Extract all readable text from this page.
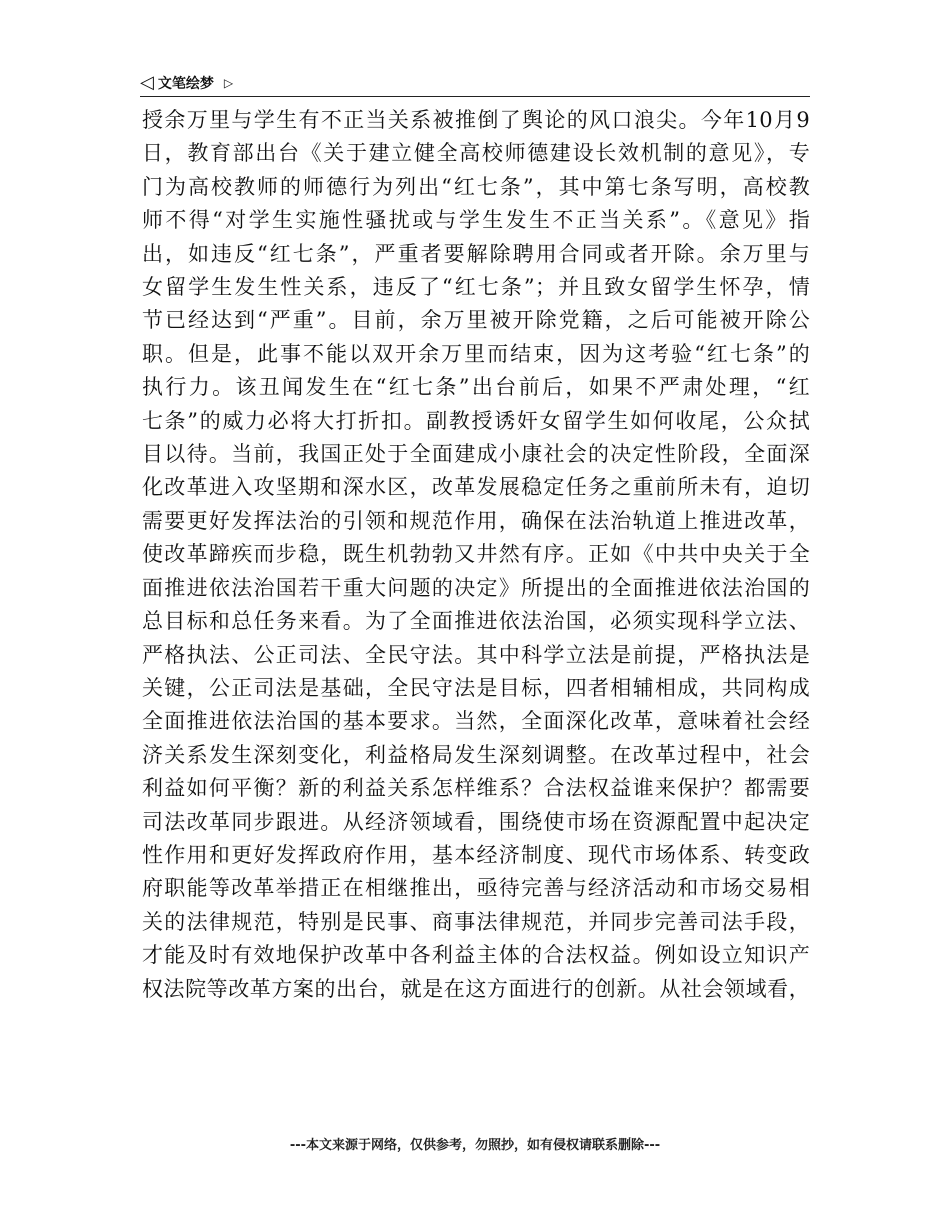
◁ 文笔绘梦 ▷
授余万里与学生有不正当关系被推倒了舆论的风口浪尖。今年10月9
日，教育部出台《关于建立健全高校师德建设长效机制的意见》，专
门为高校教师的师德行为列出“红七条”，其中第七条写明，高校教
师不得“对学生实施性骚扰或与学生发生不正当关系”。《意见》指
出，如违反“红七条”，严重者要解除聘用合同或者开除。余万里与
女留学生发生性关系，违反了“红七条”；并且致女留学生怀孕，情
节已经达到“严重”。目前，余万里被开除党籍，之后可能被开除公
职。但是，此事不能以双开余万里而结束，因为这考验“红七条”的
执行力。该丑闻发生在“红七条”出台前后，如果不严肃处理，“红
七条”的威力必将大打折扣。副教授诱奸女留学生如何收尾，公众拭
目以待。当前，我国正处于全面建成小康社会的决定性阶段，全面深
化改革进入攻坚期和深水区，改革发展稳定任务之重前所未有，迫切
需要更好发挥法治的引领和规范作用，确保在法治轨道上推进改革，
使改革蹄疾而步稳，既生机勃勃又井然有序。正如《中共中央关于全
面推进依法治国若干重大问题的决定》所提出的全面推进依法治国的
总目标和总任务来看。为了全面推进依法治国，必须实现科学立法、
严格执法、公正司法、全民守法。其中科学立法是前提，严格执法是
关键，公正司法是基础，全民守法是目标，四者相辅相成，共同构成
全面推进依法治国的基本要求。当然，全面深化改革，意味着社会经
济关系发生深刻变化，利益格局发生深刻调整。在改革过程中，社会
利益如何平衡？新的利益关系怎样维系？合法权益谁来保护？都需要
司法改革同步跟进。从经济领域看，围绕使市场在资源配置中起决定
性作用和更好发挥政府作用，基本经济制度、现代市场体系、转变政
府职能等改革举措正在相继推出，亟待完善与经济活动和市场交易相
关的法律规范，特别是民事、商事法律规范，并同步完善司法手段，
才能及时有效地保护改革中各利益主体的合法权益。例如设立知识产
权法院等改革方案的出台，就是在这方面进行的创新。从社会领域看，
---本文来源于网络，仅供参考，勿照抄，如有侵权请联系删除---
